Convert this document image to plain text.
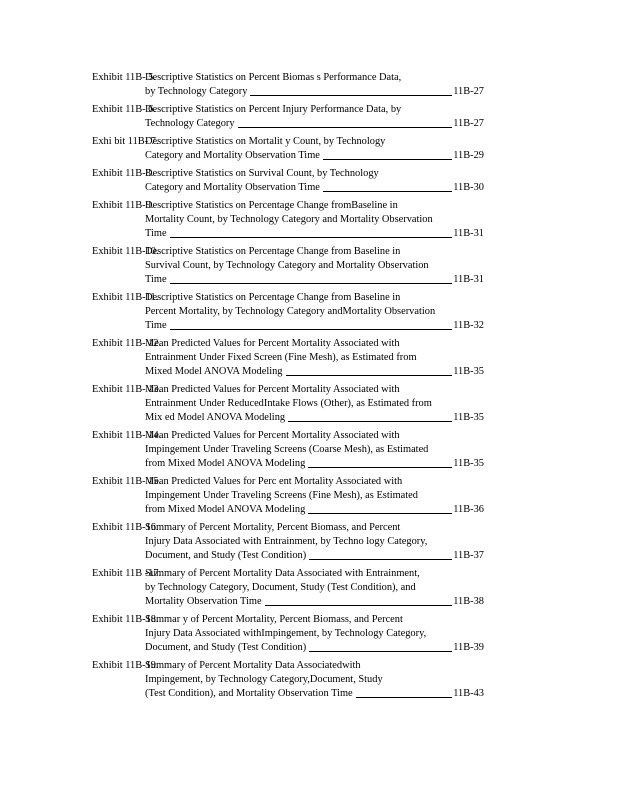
Exhibit 11B- 5.
Descriptive Statistics on Percent Biomas s Performance Data,
by Technology Category	11B-27
Exhibit 11B- 6.
Descriptive Statistics on Percent Injury Performance Data, by
Technology Category	11B-27
Exhi bit 11B- 7.
Descriptive Statistics on Mortalit y Count, by Technology
Category and Mortality Observation Time	11B-29
Exhibit 11B-8.
Descriptive Statistics on Survival Count, by Technology
Category and Mortality Observation Time	11B-30
Exhibit 11B-9.
Descriptive Statistics on Percentage Change fromBaseline in
Mortality Count, by Technology Category and Mortality Observation
Time	11B-31
Exhibit 11B-10.
Descriptive Statistics on Percentage Change from Baseline in
Survival Count, by Technology Category and Mortality Observation
Time	11B-31
Exhibit 11B-11.
Descriptive Statistics on Percentage Change from Baseline in
Percent Mortality, by Technology Category andMortality Observation
Time	11B-32
Exhibit 11B- 12.
Mean Predicted Values for Percent Mortality Associated with
Entrainment Under Fixed Screen (Fine Mesh), as Estimated from
Mixed Model ANOVA Modeling	11B-35
Exhibit 11B- 13.
Mean Predicted Values for Percent Mortality Associated with
Entrainment Under ReducedIntake Flows (Other), as Estimated from
Mix ed Model ANOVA Modeling	11B-35
Exhibit 11B- 14.
Mean Predicted Values for Percent Mortality Associated with
Impingement Under Traveling Screens (Coarse Mesh), as Estimated
from Mixed Model ANOVA Modeling	11B-35
Exhibit 11B- 15.
Mean Predicted Values for Perc ent Mortality Associated with
Impingement Under Traveling Screens (Fine Mesh), as Estimated
from Mixed Model ANOVA Modeling	11B-36
Exhibit 11B-16.
Summary of Percent Mortality, Percent Biomass, and Percent
Injury Data Associated with Entrainment, by Techno logy Category,
Document, and Study (Test Condition)	11B-37
Exhibit 11B -17.
Summary of Percent Mortality Data Associated with Entrainment,
by Technology Category, Document, Study (Test Condition), and
Mortality Observation Time	11B-38
Exhibit 11B-18.
Summar y of Percent Mortality, Percent Biomass, and Percent
Injury Data Associated withImpingement, by Technology Category,
Document, and Study (Test Condition)	11B-39
Exhibit 11B-19.
Summary of Percent Mortality Data Associatedwith
Impingement, by Technology Category,Document, Study
(Test Condition), and Mortality Observation Time	11B-43
